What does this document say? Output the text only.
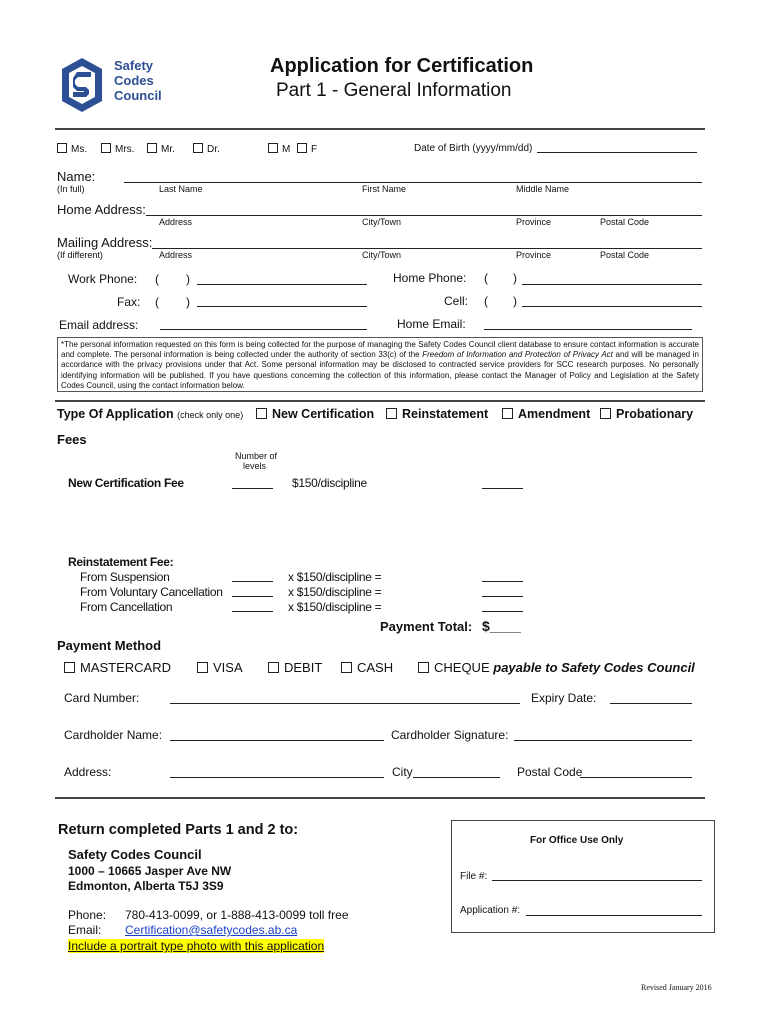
Safety
Codes
Council
Application for Certification
Part 1 - General Information
Ms.	Mrs.	Mr.	Dr.	M	F	Date of Birth (yyyy/mm/dd)
Name:
(In full)	Last Name	First Name	Middle Name
Home Address:
Address	City/Town	Province	Postal Code
Mailing Address:
(If different)	Address	City/Town	Province	Postal Code
Work Phone: ( )	Home Phone: ( )
Fax: ( )	Cell: ( )
Email address:	Home Email:
*The personal information requested on this form is being collected for the purpose of managing the Safety Codes Council client database to ensure contact information is accurate and complete. The personal information is being collected under the authority of section 33(c) of the Freedom of Information and Protection of Privacy Act and will be managed in accordance with the privacy provisions under that Act. Some personal information may be disclosed to contracted service providers for SCC research purposes. No personally identifying information will be published. If you have questions concerning the collection of this information, please contact the Manager of Policy and Legislation at the Safety Codes Council, using the contact information below.
Type Of Application (check only one)	New Certification	Reinstatement	Amendment	Probationary
Fees
Number of
levels
New Certification Fee	$150/discipline
Reinstatement Fee:
From Suspension	x $150/discipline =
From Voluntary Cancellation	x $150/discipline =
From Cancellation	x $150/discipline =
Payment Total: $____
Payment Method
MASTERCARD	VISA	DEBIT	CASH	CHEQUE payable to Safety Codes Council
Card Number:	Expiry Date:
Cardholder Name:	Cardholder Signature:
Address:	City	Postal Code
Return completed Parts 1 and 2 to:
Safety Codes Council
1000 – 10665 Jasper Ave NW
Edmonton, Alberta T5J 3S9
Phone: 780-413-0099, or 1-888-413-0099 toll free
Email: Certification@safetycodes.ab.ca
Include a portrait type photo with this application
For Office Use Only
File #:
Application #:
Revised January 2016
